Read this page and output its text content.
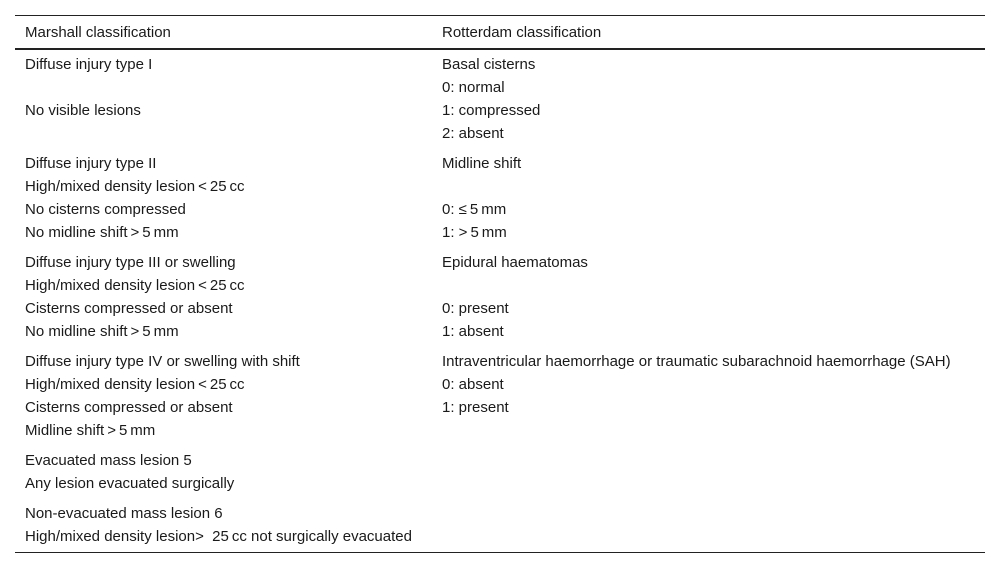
Marshall classification	Rotterdam classification
Diffuse injury type I
No visible lesions
Basal cisterns
0: normal
1: compressed
2: absent
Diffuse injury type II
High/mixed density lesion < 25 cc
No cisterns compressed
No midline shift > 5 mm
Midline shift
0: ≤ 5 mm
1: > 5 mm
Diffuse injury type III or swelling
High/mixed density lesion < 25 cc
Cisterns compressed or absent
No midline shift > 5 mm
Epidural haematomas
0: present
1: absent
Diffuse injury type IV or swelling with shift
High/mixed density lesion < 25 cc
Cisterns compressed or absent
Midline shift > 5 mm
Intraventricular haemorrhage or traumatic subarachnoid haemorrhage (SAH)
0: absent
1: present
Evacuated mass lesion 5
Any lesion evacuated surgically
Non-evacuated mass lesion 6
High/mixed density lesion>  25 cc not surgically evacuated
